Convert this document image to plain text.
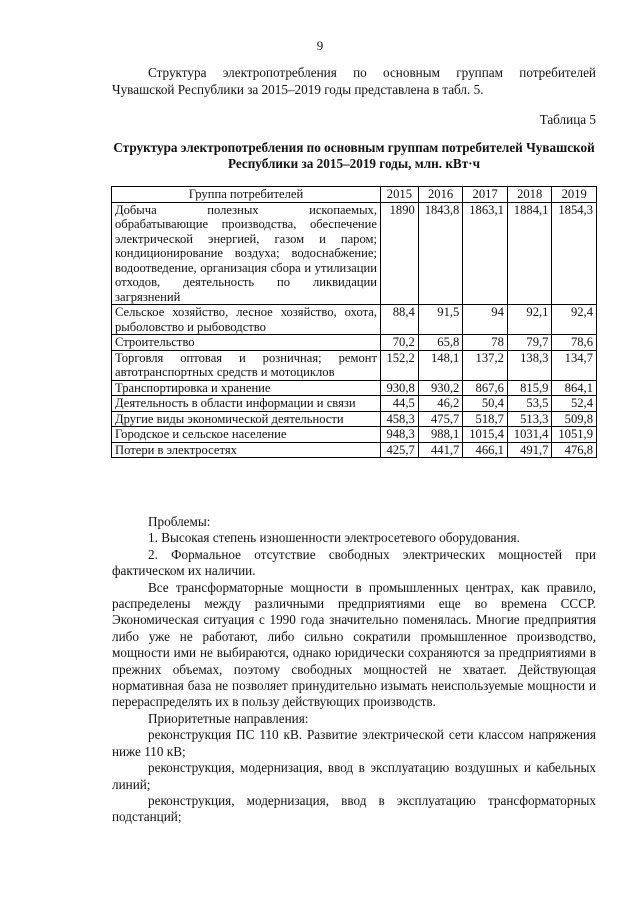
9

Структура электропотребления по основным группам потребителей Чувашской Республики за 2015–2019 годы представлена в табл. 5.

Таблица 5
Структура электропотребления по основным группам потребителей Чувашской Республики за 2015–2019 годы, млн. кВт·ч
Группа потребителей	2015	2016	2017	2018	2019
Добыча полезных ископаемых, обрабатывающие производства, обеспечение электрической энергией, газом и паром; кондиционирование воздуха; водоснабжение; водоотведение, организация сбора и утилизации отходов, деятельность по ликвидации загрязнений	1890	1843,8	1863,1	1884,1	1854,3
Сельское хозяйство, лесное хозяйство, охота, рыболовство и рыбоводство	88,4	91,5	94	92,1	92,4
Строительство	70,2	65,8	78	79,7	78,6
Торговля оптовая и розничная; ремонт автотранспортных средств и мотоциклов	152,2	148,1	137,2	138,3	134,7
Транспортировка и хранение	930,8	930,2	867,6	815,9	864,1
Деятельность в области информации и связи	44,5	46,2	50,4	53,5	52,4
Другие виды экономической деятельности	458,3	475,7	518,7	513,3	509,8
Городское и сельское население	948,3	988,1	1015,4	1031,4	1051,9
Потери в электросетях	425,7	441,7	466,1	491,7	476,8

Проблемы:

1. Высокая степень изношенности электросетевого оборудования.

2. Формальное отсутствие свободных электрических мощностей при фактическом их наличии.

Все трансформаторные мощности в промышленных центрах, как правило, распределены между различными предприятиями еще во времена СССР. Экономическая ситуация с 1990 года значительно поменялась. Многие предприятия либо уже не работают, либо сильно сократили промышленное производство, мощности ими не выбираются, однако юридически сохраняются за предприятиями в прежних объемах, поэтому свободных мощностей не хватает. Действующая нормативная база не позволяет принудительно изымать неиспользуемые мощности и перераспределять их в пользу действующих производств.

Приоритетные направления:

реконструкция ПС 110 кВ. Развитие электрической сети классом напряжения ниже 110 кВ;

реконструкция, модернизация, ввод в эксплуатацию воздушных и кабельных линий;

реконструкция, модернизация, ввод в эксплуатацию трансформаторных подстанций;
